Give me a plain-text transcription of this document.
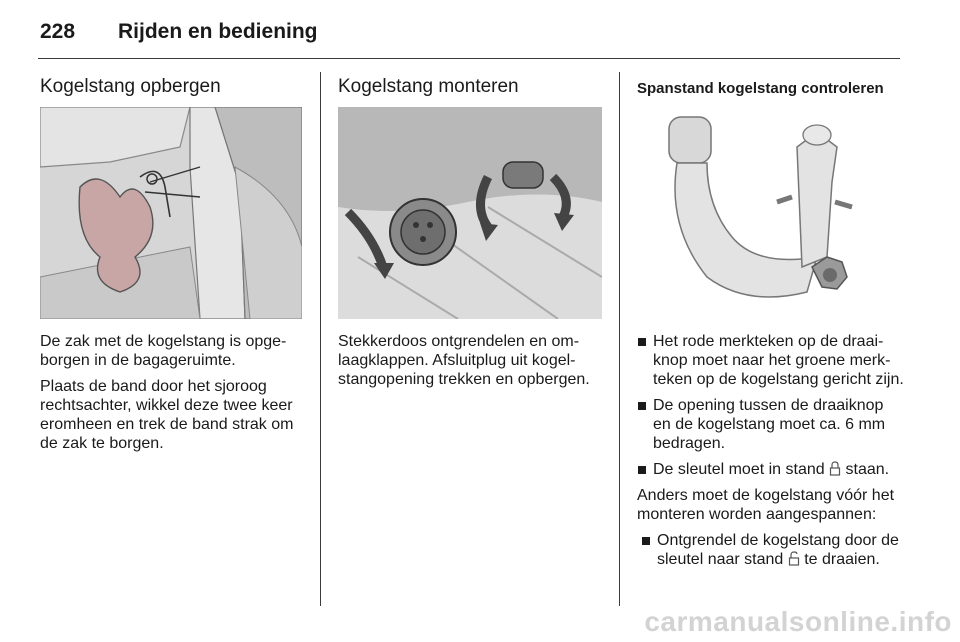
228 Rijden en bediening
Kogelstang opbergen

De zak met de kogelstang is opgeborgen in de bagageruimte.

Plaats de band door het sjoroog rechtsachter, wikkel deze twee keer eromheen en trek de band strak om de zak te borgen.

Kogelstang monteren

Stekkerdoos ontgrendelen en omlaagklappen. Afsluitplug uit kogelstangopening trekken en opbergen.

Spanstand kogelstang controleren
Het rode merkteken op de draaiknop moet naar het groene merkteken op de kogelstang gericht zijn.
De opening tussen de draaiknop en de kogelstang moet ca. 6 mm bedragen.
De sleutel moet in stand  staan.

Anders moet de kogelstang vóór het monteren worden aangespannen:

Ontgrendel de kogelstang door de sleutel naar stand  te draaien.
carmanualsonline.info
